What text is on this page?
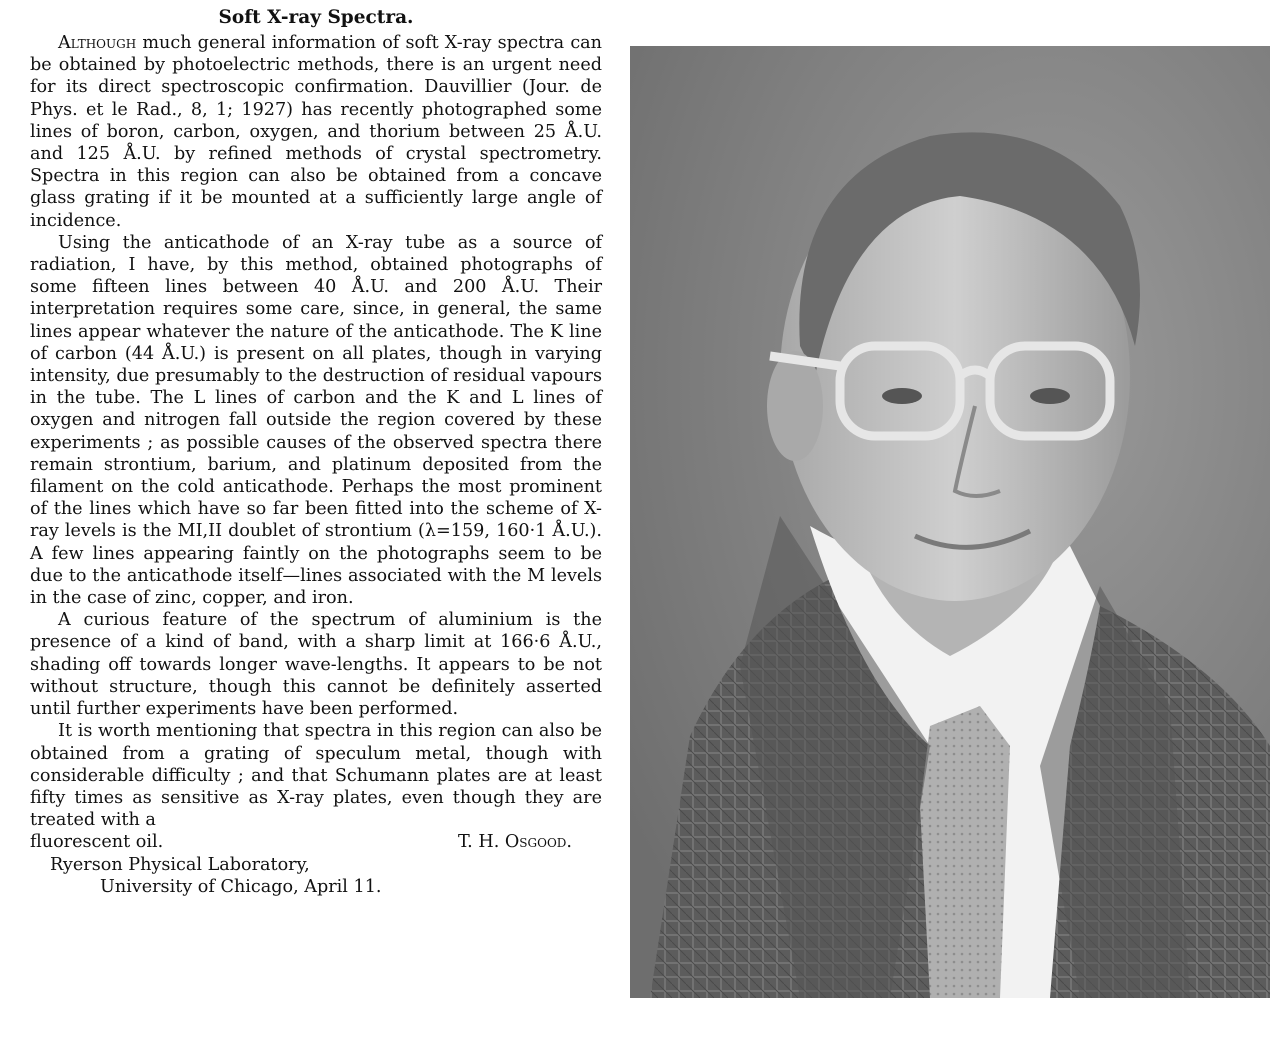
Soft X-ray Spectra.

Although much general information of soft X-ray spectra can be obtained by photoelectric methods, there is an urgent need for its direct spectroscopic confirmation. Dauvillier (Jour. de Phys. et le Rad., 8, 1; 1927) has recently photographed some lines of boron, carbon, oxygen, and thorium between 25 Å.U. and 125 Å.U. by refined methods of crystal spectrometry. Spectra in this region can also be obtained from a concave glass grating if it be mounted at a sufficiently large angle of incidence.

Using the anticathode of an X-ray tube as a source of radiation, I have, by this method, obtained photographs of some fifteen lines between 40 Å.U. and 200 Å.U. Their interpretation requires some care, since, in general, the same lines appear whatever the nature of the anticathode. The K line of carbon (44 Å.U.) is present on all plates, though in varying intensity, due presumably to the destruction of residual vapours in the tube. The L lines of carbon and the K and L lines of oxygen and nitrogen fall outside the region covered by these experiments ; as possible causes of the observed spectra there remain strontium, barium, and platinum deposited from the filament on the cold anticathode. Perhaps the most prominent of the lines which have so far been fitted into the scheme of X-ray levels is the MI,II doublet of strontium (λ=159, 160·1 Å.U.). A few lines appearing faintly on the photographs seem to be due to the anticathode itself—lines associated with the M levels in the case of zinc, copper, and iron.

A curious feature of the spectrum of aluminium is the presence of a kind of band, with a sharp limit at 166·6 Å.U., shading off towards longer wave-lengths. It appears to be not without structure, though this cannot be definitely asserted until further experiments have been performed.

It is worth mentioning that spectra in this region can also be obtained from a grating of speculum metal, though with considerable difficulty ; and that Schumann plates are at least fifty times as sensitive as X-ray plates, even though they are treated with a

fluorescent oil.	T. H. Osgood.

Ryerson Physical Laboratory,

University of Chicago, April 11.
